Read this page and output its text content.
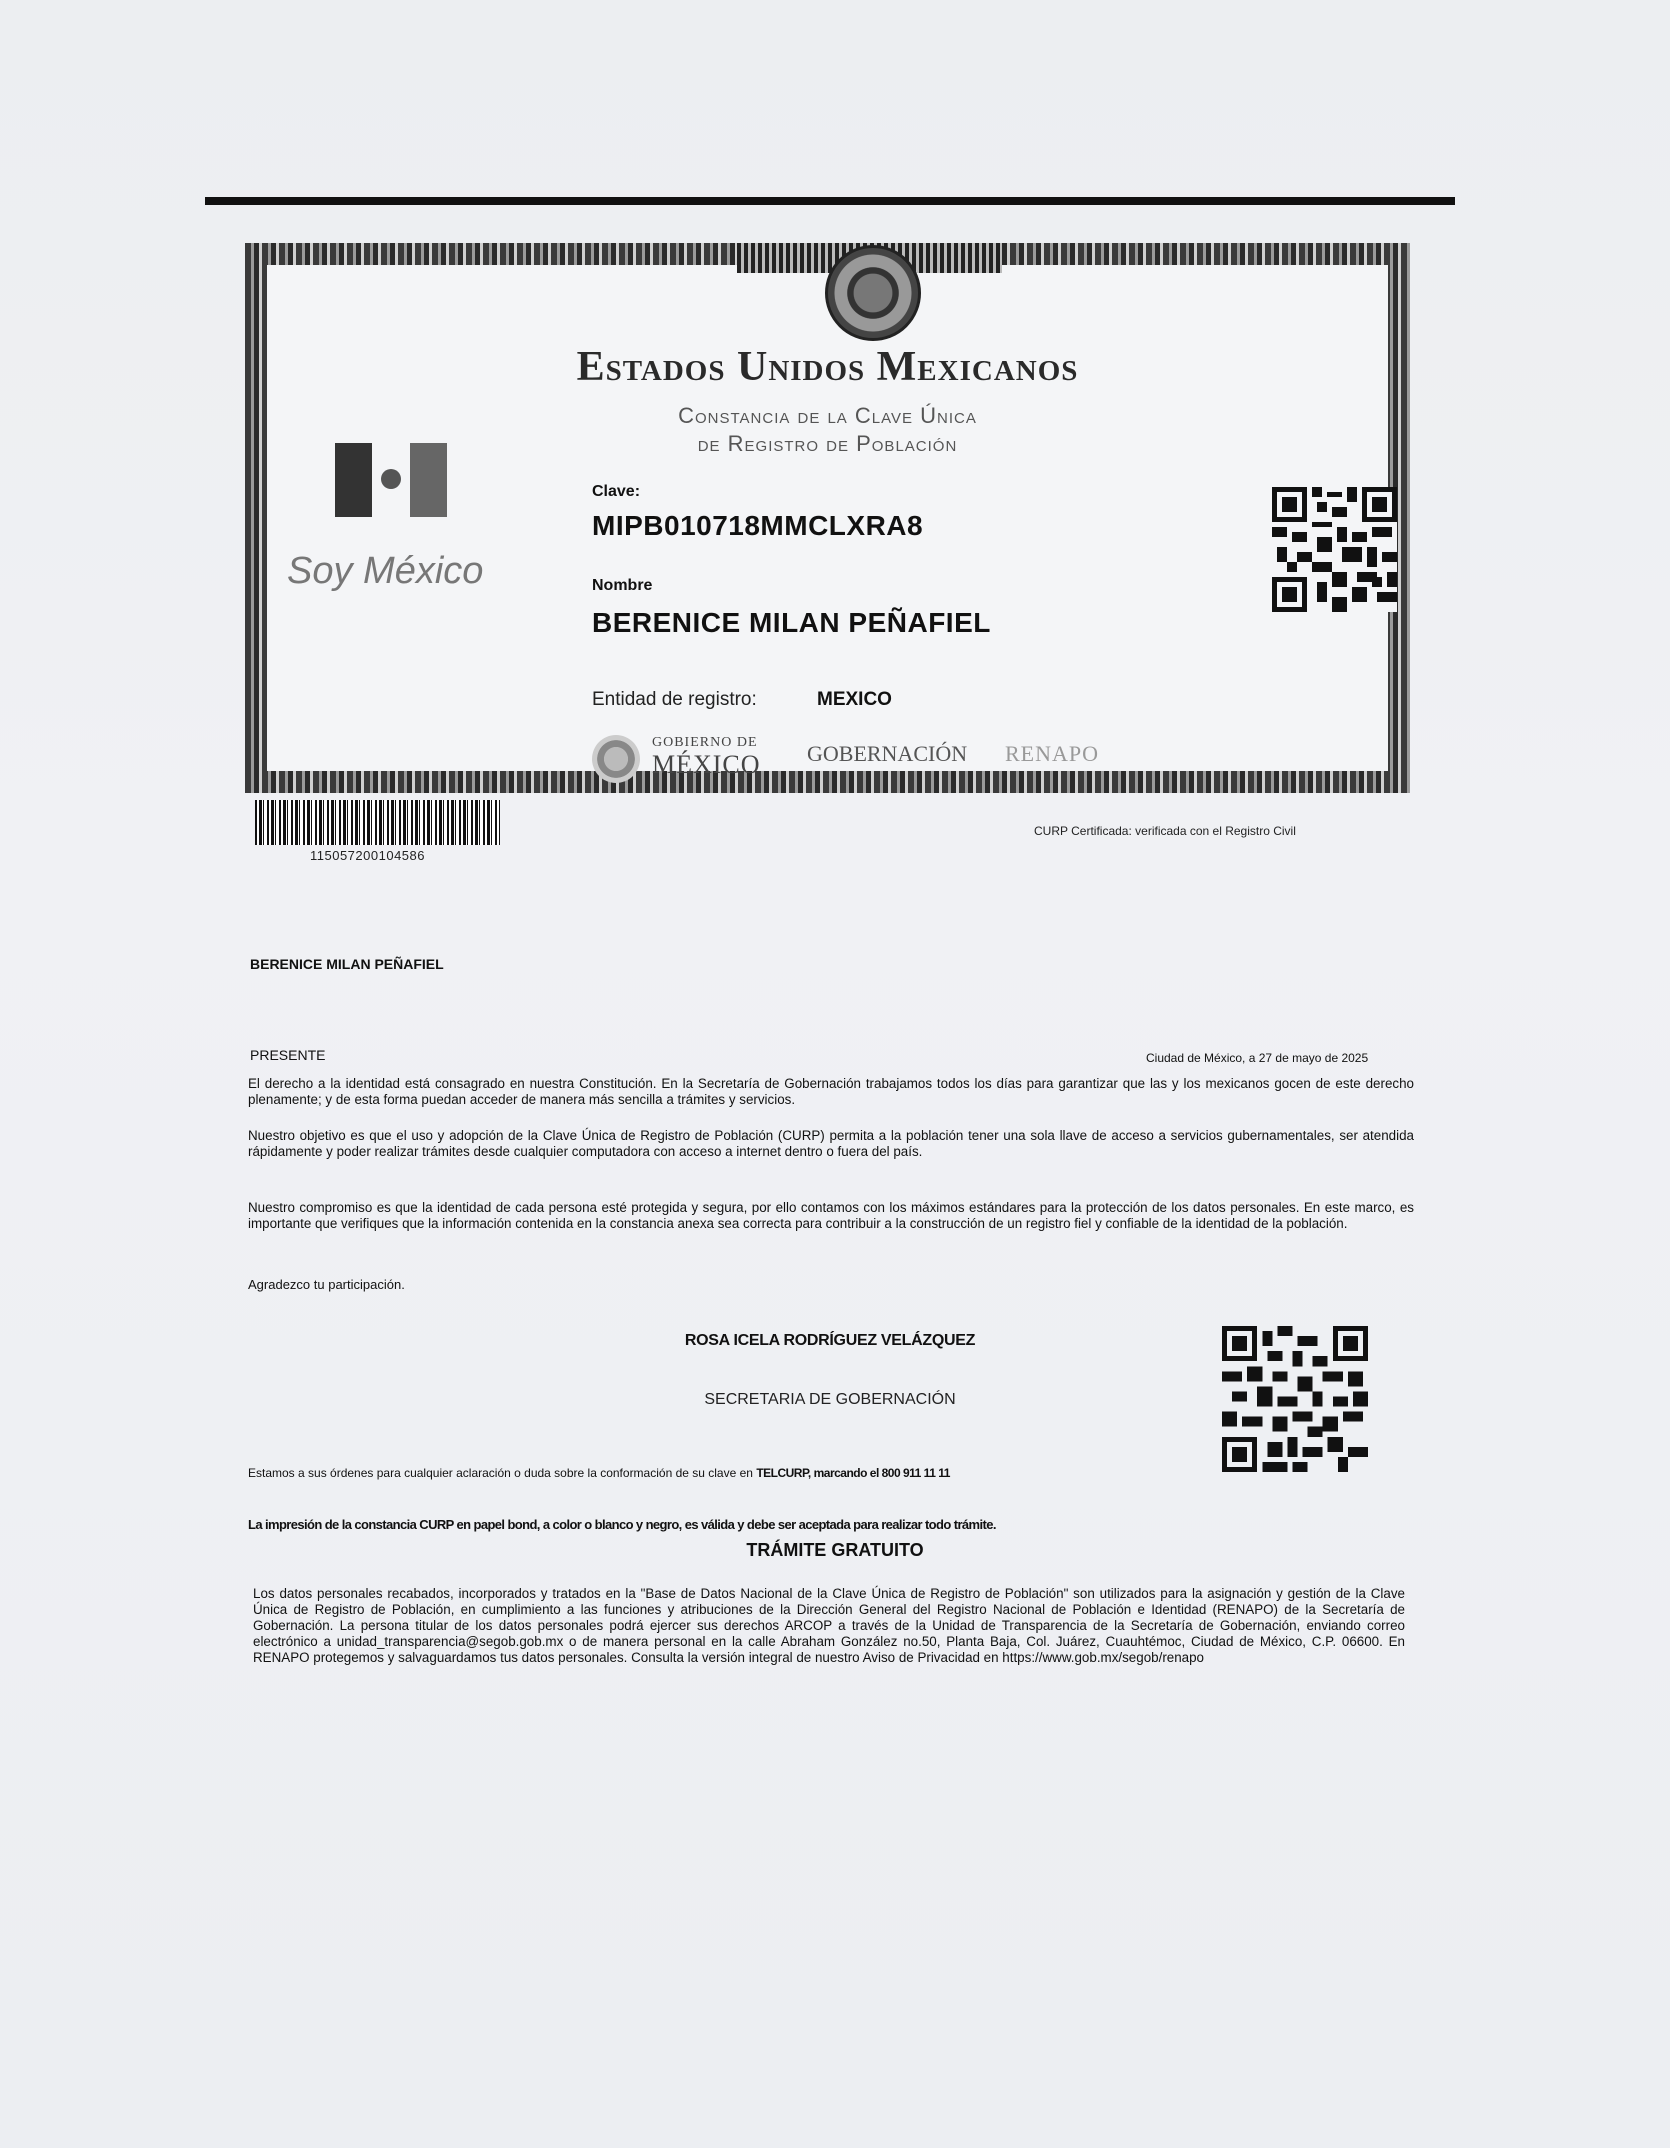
Estados Unidos Mexicanos
Constancia de la Clave Única
de Registro de Población
Soy México
Clave:
MIPB010718MMCLXRA8
Nombre
BERENICE MILAN PEÑAFIEL
Entidad de registro:	MEXICO
GOBIERNO DE
MÉXICO GOBERNACIÓN RENAPO
115057200104586
CURP Certificada: verificada con el Registro Civil
BERENICE MILAN PEÑAFIEL
PRESENTE	Ciudad de México, a 27 de mayo de 2025
El derecho a la identidad está consagrado en nuestra Constitución. En la Secretaría de Gobernación trabajamos todos los días para garantizar que las y los mexicanos gocen de este derecho plenamente; y de esta forma puedan acceder de manera más sencilla a trámites y servicios.
Nuestro objetivo es que el uso y adopción de la Clave Única de Registro de Población (CURP) permita a la población tener una sola llave de acceso a servicios gubernamentales, ser atendida rápidamente y poder realizar trámites desde cualquier computadora con acceso a internet dentro o fuera del país.
Nuestro compromiso es que la identidad de cada persona esté protegida y segura, por ello contamos con los máximos estándares para la protección de los datos personales. En este marco, es importante que verifiques que la información contenida en la constancia anexa sea correcta para contribuir a la construcción de un registro fiel y confiable de la identidad de la población.
Agradezco tu participación.
ROSA ICELA RODRÍGUEZ VELÁZQUEZ
SECRETARIA DE GOBERNACIÓN
Estamos a sus órdenes para cualquier aclaración o duda sobre la conformación de su clave en TELCURP, marcando el 800 911 11 11
La impresión de la constancia CURP en papel bond, a color o blanco y negro, es válida y debe ser aceptada para realizar todo trámite.
TRÁMITE GRATUITO
Los datos personales recabados, incorporados y tratados en la "Base de Datos Nacional de la Clave Única de Registro de Población" son utilizados para la asignación y gestión de la Clave Única de Registro de Población, en cumplimiento a las funciones y atribuciones de la Dirección General del Registro Nacional de Población e Identidad (RENAPO) de la Secretaría de Gobernación. La persona titular de los datos personales podrá ejercer sus derechos ARCOP a través de la Unidad de Transparencia de la Secretaría de Gobernación, enviando correo electrónico a unidad_transparencia@segob.gob.mx o de manera personal en la calle Abraham González no.50, Planta Baja, Col. Juárez, Cuauhtémoc, Ciudad de México, C.P. 06600. En RENAPO protegemos y salvaguardamos tus datos personales. Consulta la versión integral de nuestro Aviso de Privacidad en https://www.gob.mx/segob/renapo
